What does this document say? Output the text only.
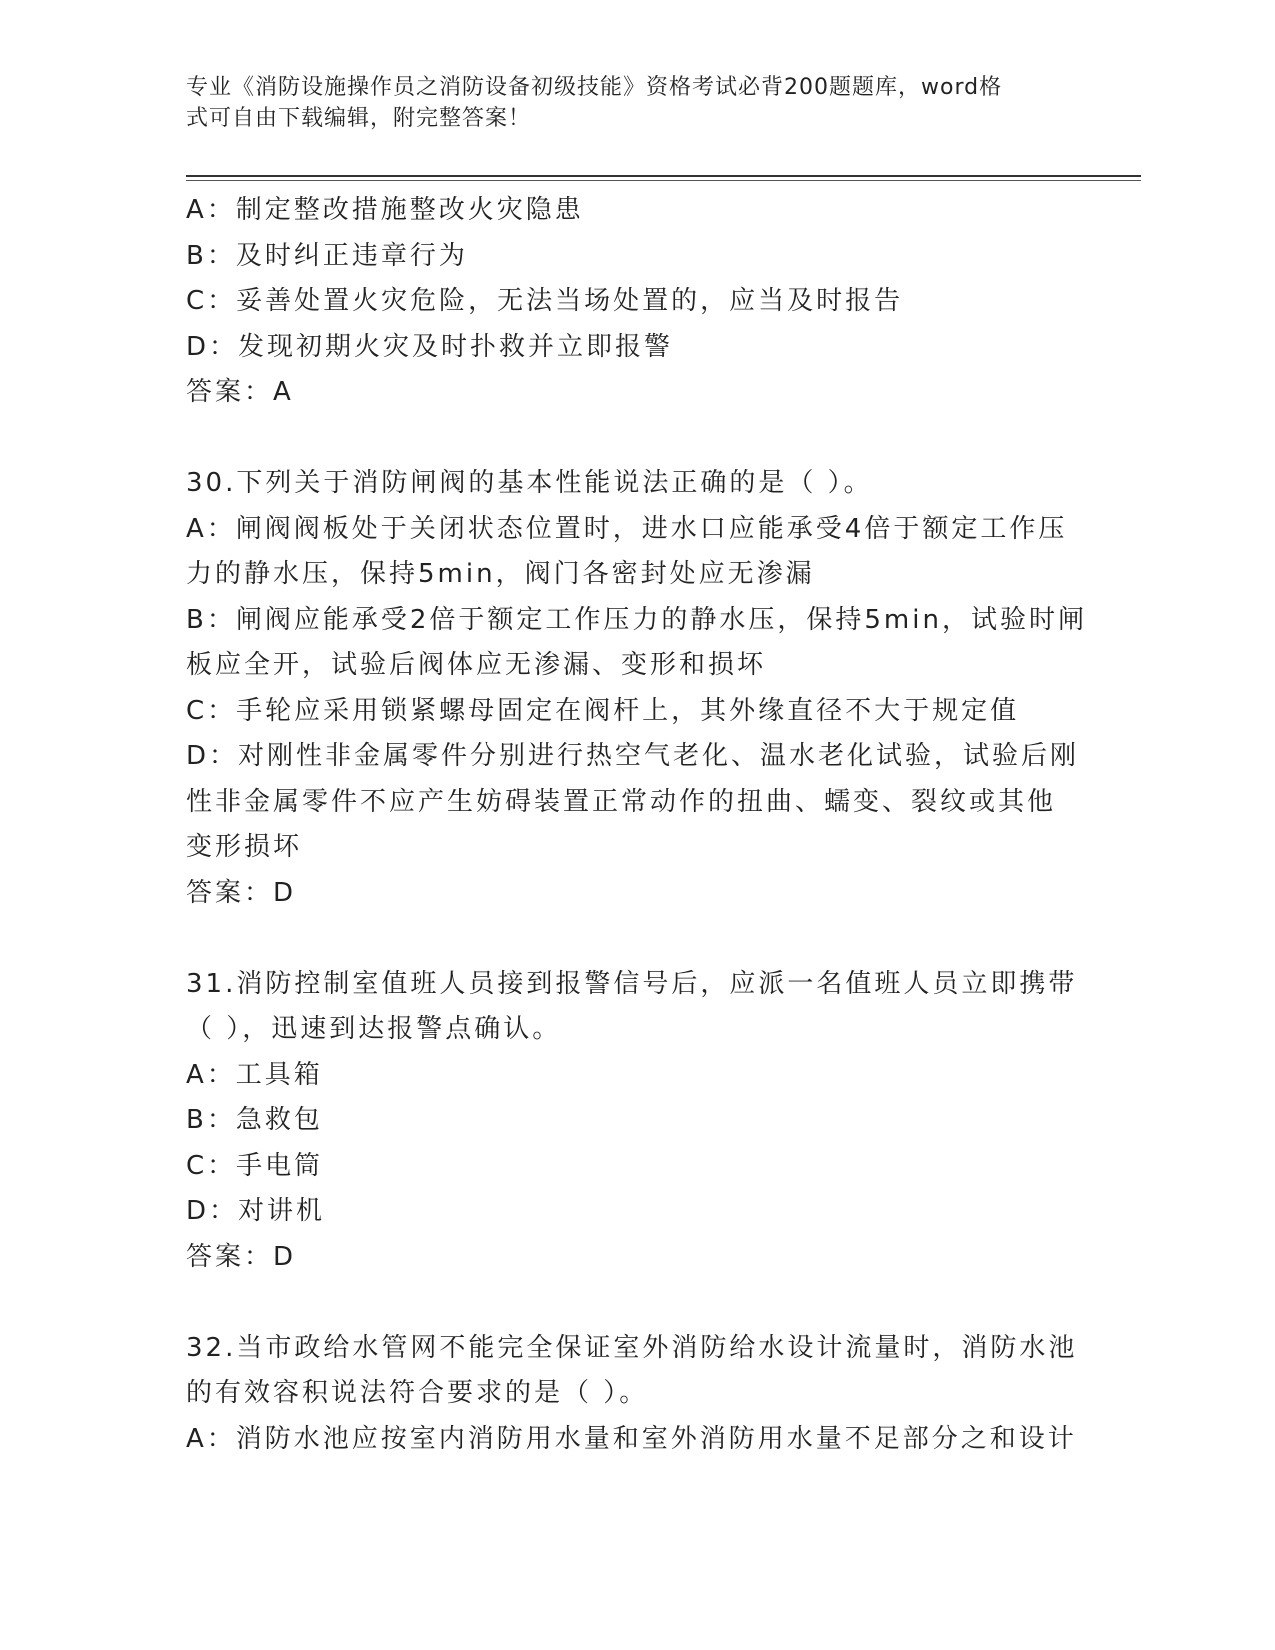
专业《消防设施操作员之消防设备初级技能》资格考试必背200题题库，word格
式可自由下载编辑，附完整答案！
A：制定整改措施整改火灾隐患
B：及时纠正违章行为
C：妥善处置火灾危险，无法当场处置的，应当及时报告
D：发现初期火灾及时扑救并立即报警
答案：A
30.下列关于消防闸阀的基本性能说法正确的是（ ）。
A：闸阀阀板处于关闭状态位置时，进水口应能承受4倍于额定工作压
力的静水压，保持5min，阀门各密封处应无渗漏
B：闸阀应能承受2倍于额定工作压力的静水压，保持5min，试验时闸
板应全开，试验后阀体应无渗漏、变形和损坏
C：手轮应采用锁紧螺母固定在阀杆上，其外缘直径不大于规定值
D：对刚性非金属零件分别进行热空气老化、温水老化试验，试验后刚
性非金属零件不应产生妨碍装置正常动作的扭曲、蠕变、裂纹或其他
变形损坏
答案：D
31.消防控制室值班人员接到报警信号后，应派一名值班人员立即携带
（ ），迅速到达报警点确认。
A：工具箱
B：急救包
C：手电筒
D：对讲机
答案：D
32.当市政给水管网不能完全保证室外消防给水设计流量时，消防水池
的有效容积说法符合要求的是（ ）。
A：消防水池应按室内消防用水量和室外消防用水量不足部分之和设计
